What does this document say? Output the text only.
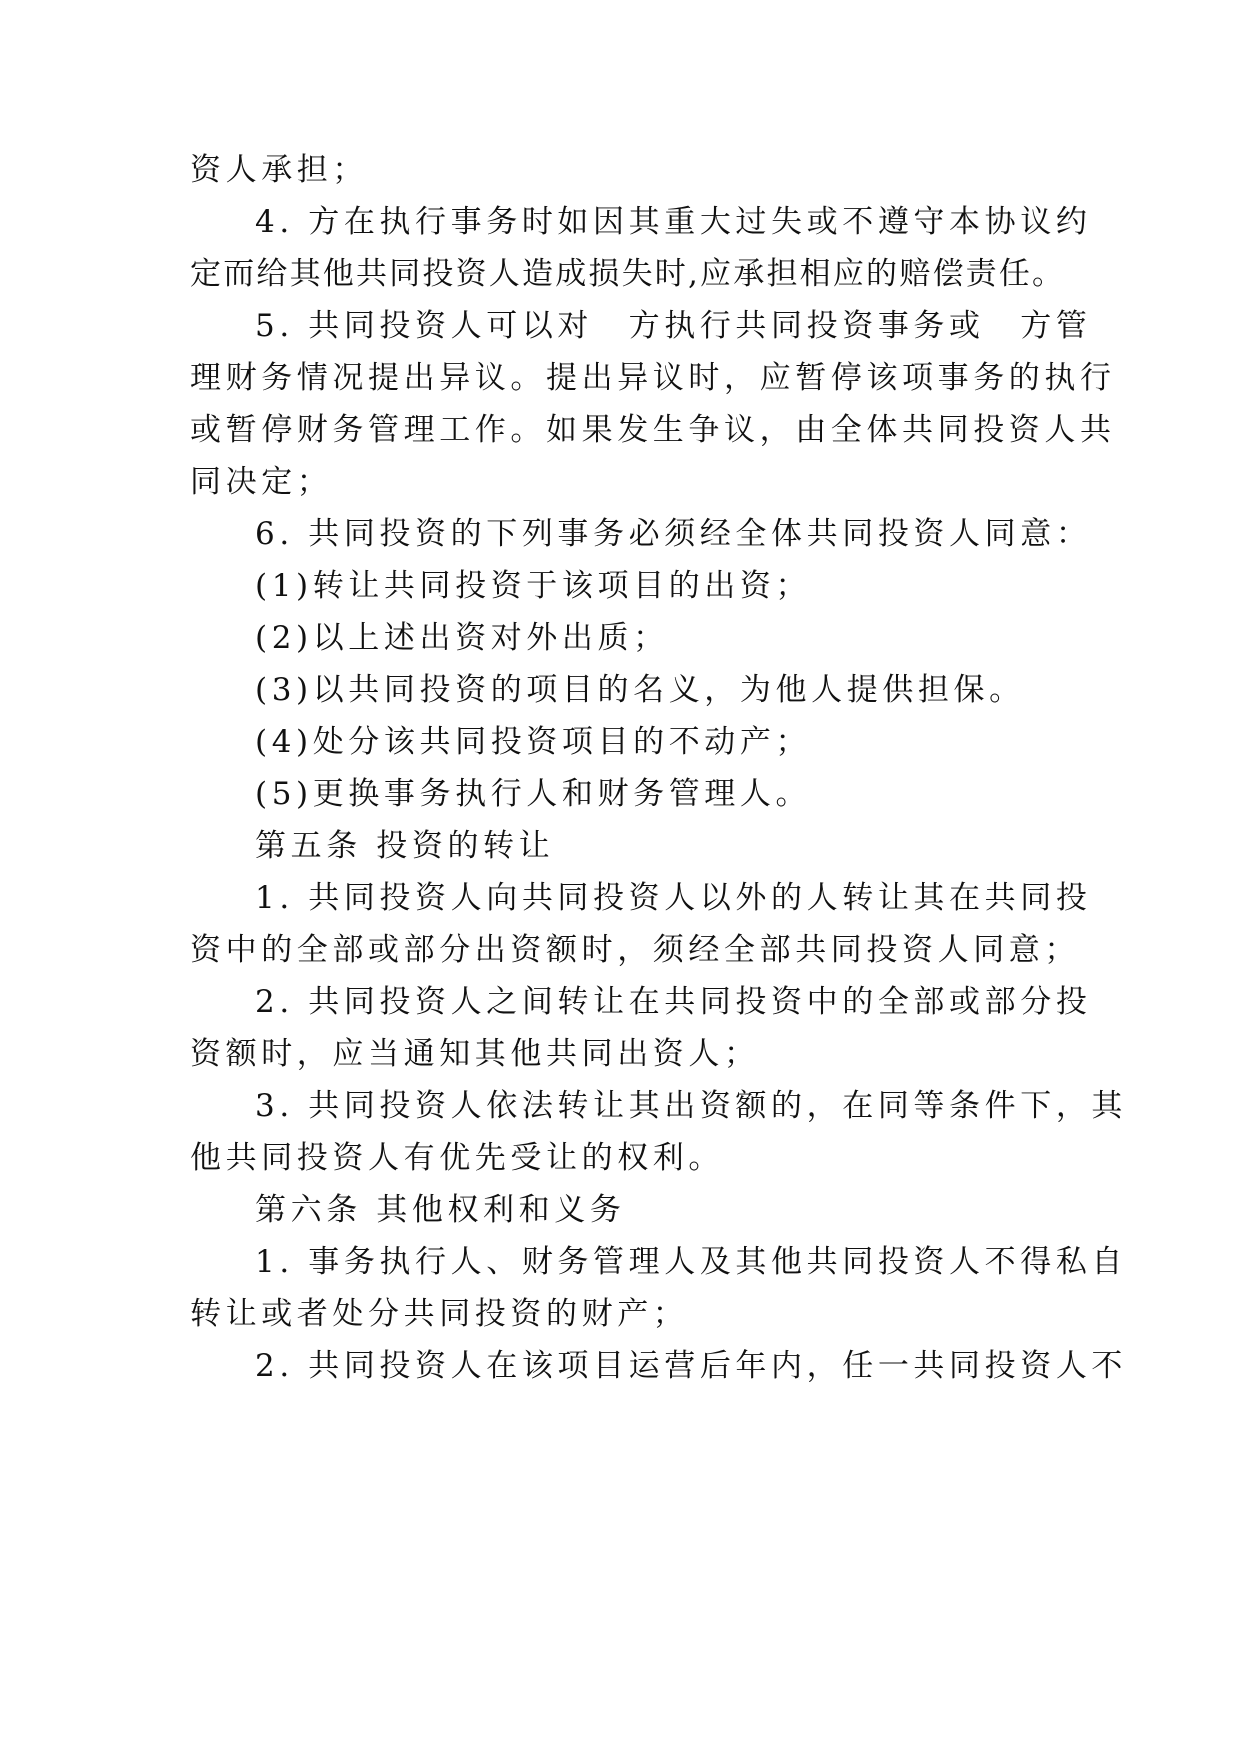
资人承担；
4. 方在执行事务时如因其重大过失或不遵守本协议约
定而给其他共同投资人造成损失时,应承担相应的赔偿责任。
5. 共同投资人可以对　方执行共同投资事务或　方管
理财务情况提出异议。提出异议时，应暂停该项事务的执行
或暂停财务管理工作。如果发生争议，由全体共同投资人共
同决定；
6. 共同投资的下列事务必须经全体共同投资人同意：
(1)转让共同投资于该项目的出资；
(2)以上述出资对外出质；
(3)以共同投资的项目的名义，为他人提供担保。
(4)处分该共同投资项目的不动产；
(5)更换事务执行人和财务管理人。
第五条 投资的转让
1. 共同投资人向共同投资人以外的人转让其在共同投
资中的全部或部分出资额时，须经全部共同投资人同意；
2. 共同投资人之间转让在共同投资中的全部或部分投
资额时，应当通知其他共同出资人；
3. 共同投资人依法转让其出资额的，在同等条件下，其
他共同投资人有优先受让的权利。
第六条 其他权利和义务
1. 事务执行人、财务管理人及其他共同投资人不得私自
转让或者处分共同投资的财产；
2. 共同投资人在该项目运营后年内，任一共同投资人不
